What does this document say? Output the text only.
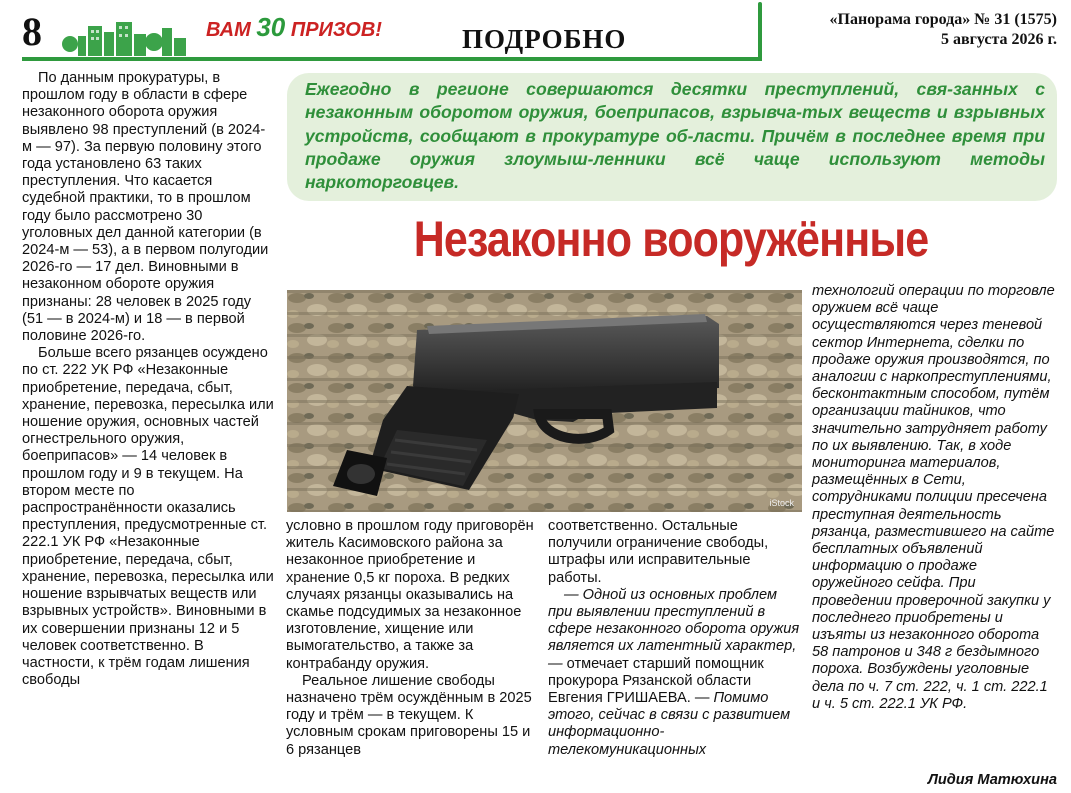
8	ВАМ 30 ПРИЗОВ!	ПОДРОБНО
«Панорама города» № 31 (1575)
5 августа 2026 г.

По данным прокуратуры, в прошлом году в области в сфере незаконного оборота оружия выявлено 98 преступлений (в 2024-м — 97). За первую половину этого года установлено 63 таких преступления. Что касается судебной практики, то в прошлом году было рассмотрено 30 уголовных дел данной категории (в 2024-м — 53), а в первом полугодии 2026-го — 17 дел. Виновными в незаконном обороте оружия признаны: 28 человек в 2025 году (51 — в 2024-м) и 18 — в первой половине 2026-го.

Больше всего рязанцев осуждено по ст. 222 УК РФ «Незаконные приобретение, передача, сбыт, хранение, перевозка, пересылка или ношение оружия, основных частей огнестрельного оружия, боеприпасов» — 14 человек в прошлом году и 9 в текущем. На втором месте по распространённости оказались преступления, предусмотренные ст. 222.1 УК РФ «Незаконные приобретение, передача, сбыт, хранение, перевозка, пересылка или ношение взрывчатых веществ или взрывных устройств». Виновными в их совершении признаны 12 и 5 человек соответственно. В частности, к трём годам лишения свободы

Ежегодно в регионе совершаются десятки преступлений, свя-занных с незаконным оборотом оружия, боеприпасов, взрывча-тых веществ и взрывных устройств, сообщают в прокуратуре об-ласти. Причём в последнее время при продаже оружия злоумыш-ленники всё чаще используют методы наркоторговцев.
Незаконно вооружённые
iStock

условно в прошлом году приговорён житель Касимовского района за незаконное приобретение и хранение 0,5 кг пороха. В редких случаях рязанцы оказывались на скамье подсудимых за незаконное изготовление, хищение или вымогательство, а также за контрабанду оружия.

Реальное лишение свободы назначено трём осуждённым в 2025 году и трём — в текущем. К условным срокам приговорены 15 и 6 рязанцев

соответственно. Остальные получили ограничение свободы, штрафы или исправительные работы.

— Одной из основных проблем при выявлении преступлений в сфере незаконного оборота оружия является их латентный характер, — отмечает старший помощник прокурора Рязанской области Евгения ГРИШАЕВА. — Помимо этого, сейчас в связи с развитием информационно-телекомуникационных

технологий операции по торговле оружием всё чаще осуществляются через теневой сектор Интернета, сделки по продаже оружия производятся, по аналогии с наркопреступлениями, бесконтактным способом, путём организации тайников, что значительно затрудняет работу по их выявлению. Так, в ходе мониторинга материалов, размещённых в Сети, сотрудниками полиции пресечена преступная деятельность рязанца, разместившего на сайте бесплатных объявлений информацию о продаже оружейного сейфа. При проведении проверочной закупки у последнего приобретены и изъяты из незаконного оборота 58 патронов и 348 г бездымного пороха. Возбуждены уголовные дела по ч. 7 ст. 222, ч. 1 ст. 222.1 и ч. 5 ст. 222.1 УК РФ.

Лидия Матюхина
